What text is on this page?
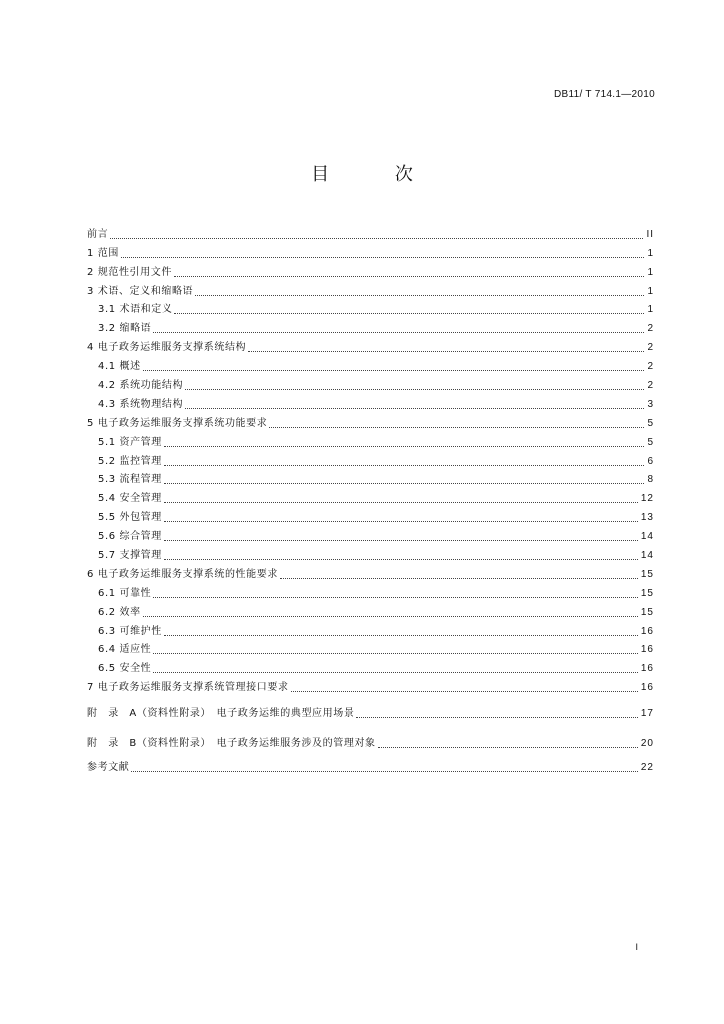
DB11/ T 714.1—2010
目 次
前言	II
1 范围	1
2 规范性引用文件	1
3 术语、定义和缩略语	1
3.1 术语和定义	1
3.2 缩略语	2
4 电子政务运维服务支撑系统结构	2
4.1 概述	2
4.2 系统功能结构	2
4.3 系统物理结构	3
5 电子政务运维服务支撑系统功能要求	5
5.1 资产管理	5
5.2 监控管理	6
5.3 流程管理	8
5.4 安全管理	12
5.5 外包管理	13
5.6 综合管理	14
5.7 支撑管理	14
6 电子政务运维服务支撑系统的性能要求	15
6.1 可靠性	15
6.2 效率	15
6.3 可维护性	16
6.4 适应性	16
6.5 安全性	16
7 电子政务运维服务支撑系统管理接口要求	16
附　录　A（资料性附录）　电子政务运维的典型应用场景	17
附　录　B（资料性附录）　电子政务运维服务涉及的管理对象	20
参考文献	22
I
